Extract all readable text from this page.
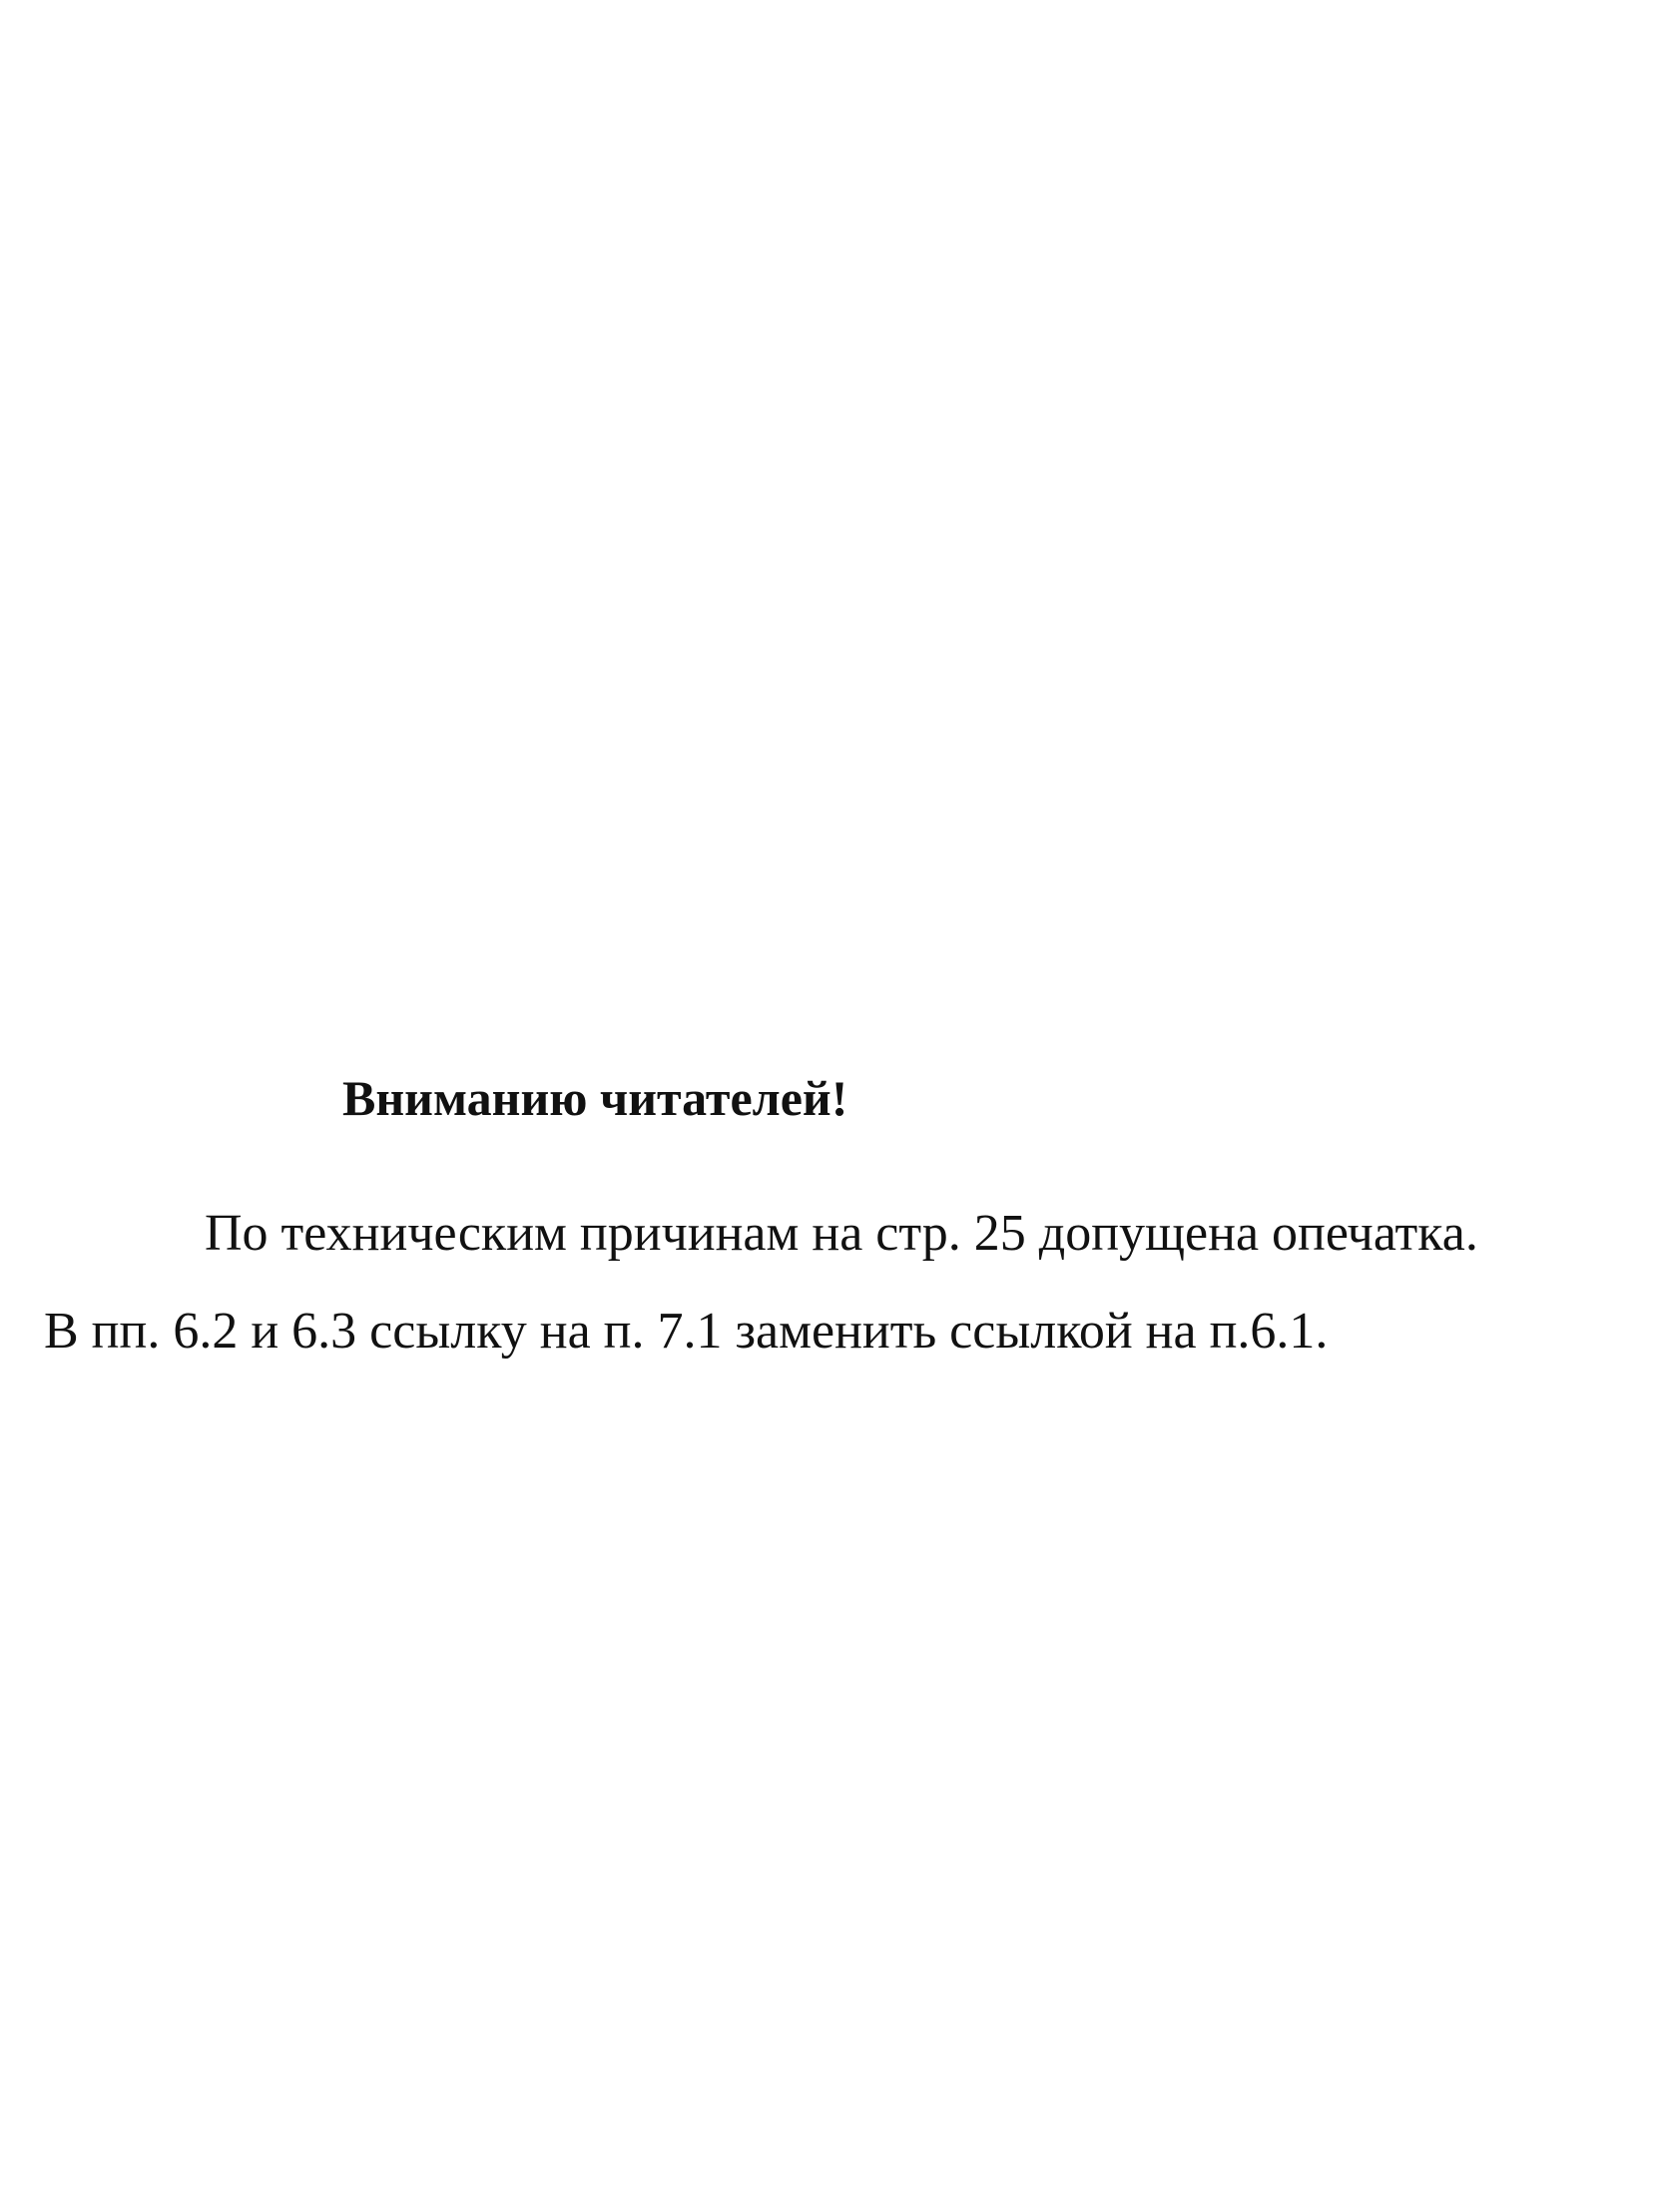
Вниманию читателей!

По техническим причинам на стр. 25 допущена опечатка.

В пп. 6.2 и 6.3 ссылку на п. 7.1 заменить ссылкой на п.6.1.
